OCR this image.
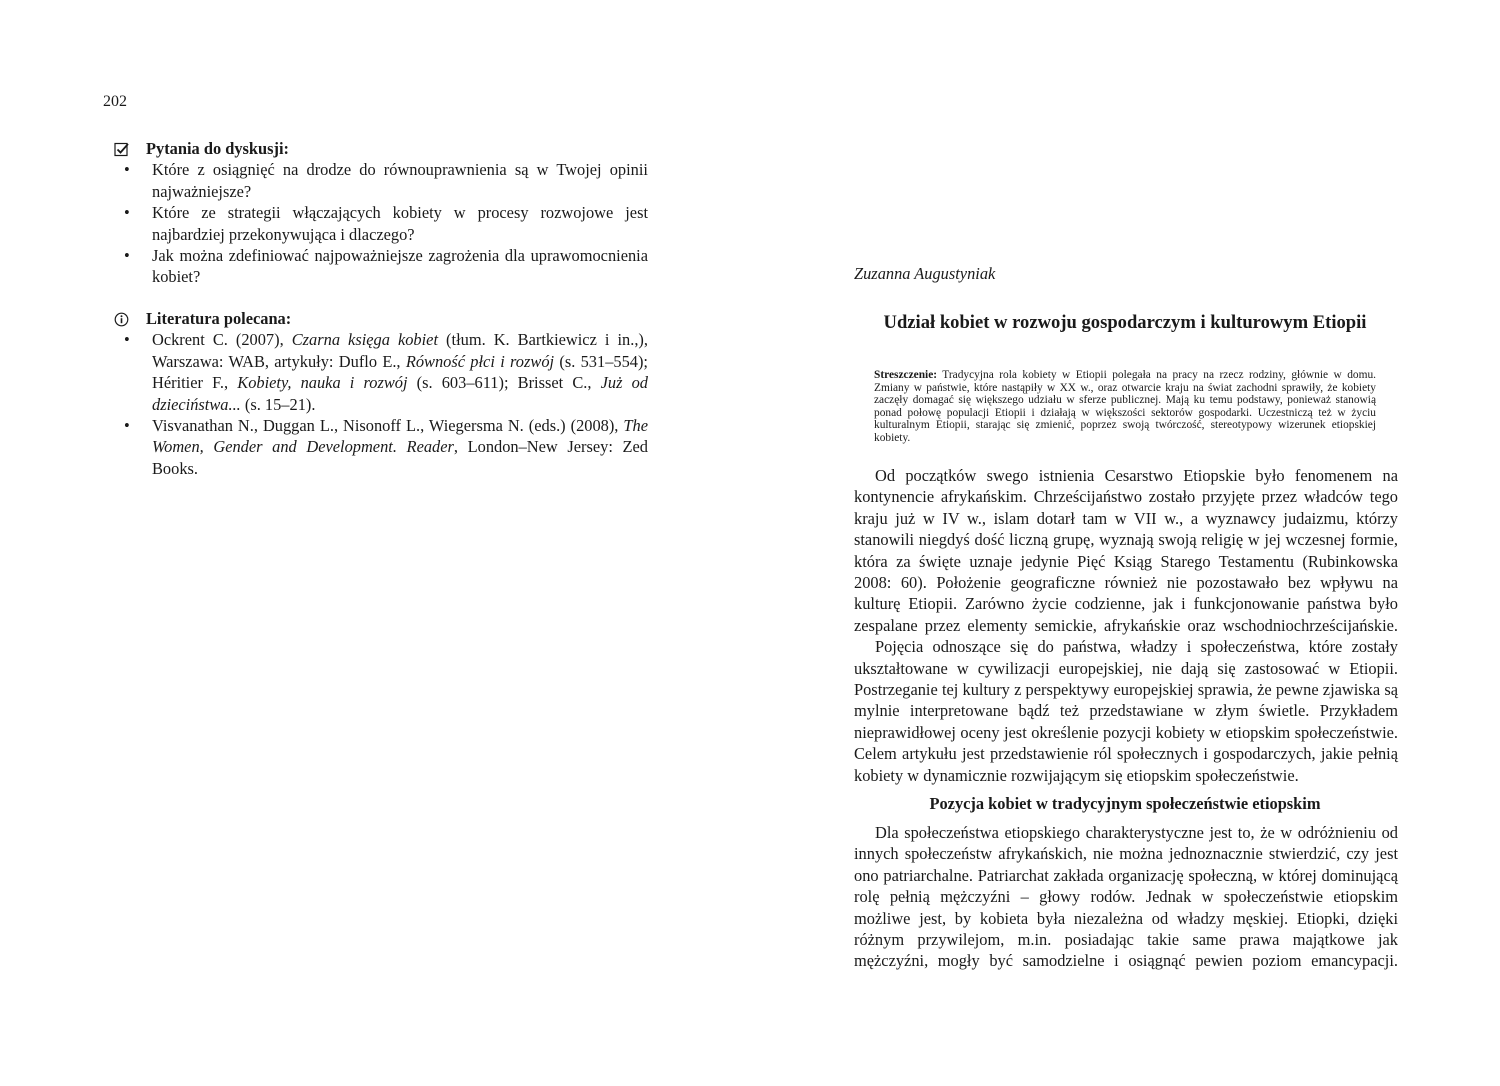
202
Pytania do dyskusji:
• Które z osiągnięć na drodze do równouprawnienia są w Twojej opinii najważniejsze?
• Które ze strategii włączających kobiety w procesy rozwojowe jest najbardziej przekonywująca i dlaczego?
• Jak można zdefiniować najpoważniejsze zagrożenia dla uprawomocnienia kobiet?
Literatura polecana:
• Ockrent C. (2007), Czarna księga kobiet (tłum. K. Bartkiewicz i in.,), Warszawa: WAB, artykuły: Duflo E., Równość płci i rozwój (s. 531–554); Héritier F., Kobiety, nauka i rozwój (s. 603–611); Brisset C., Już od dzieciństwa... (s. 15–21).
• Visvanathan N., Duggan L., Nisonoff L., Wiegersma N. (eds.) (2008), The Women, Gender and Development. Reader, London–New Jersey: Zed Books.
Zuzanna Augustyniak
Udział kobiet w rozwoju gospodarczym i kulturowym Etiopii
Streszczenie: Tradycyjna rola kobiety w Etiopii polegała na pracy na rzecz rodziny, głównie w domu. Zmiany w państwie, które nastąpiły w XX w., oraz otwarcie kraju na świat zachodni sprawiły, że kobiety zaczęły domagać się większego udziału w sferze publicznej. Mają ku temu podstawy, ponieważ stanowią ponad połowę populacji Etiopii i działają w większości sektorów gospodarki. Uczestniczą też w życiu kulturalnym Etiopii, starając się zmienić, poprzez swoją twórczość, stereotypowy wizerunek etiopskiej kobiety.

Od początków swego istnienia Cesarstwo Etiopskie było fenomenem na kontynencie afrykańskim. Chrześcijaństwo zostało przyjęte przez władców tego kraju już w IV w., islam dotarł tam w VII w., a wyznawcy judaizmu, którzy stanowili niegdyś dość liczną grupę, wyznają swoją religię w jej wczesnej formie, która za święte uznaje jedynie Pięć Ksiąg Starego Testamentu (Rubinkowska 2008: 60). Położenie geograficzne również nie pozostawało bez wpływu na kulturę Etiopii. Zarówno życie codzienne, jak i funkcjonowanie państwa było zespalane przez elementy semickie, afrykańskie oraz wschodniochrześcijańskie.

Pojęcia odnoszące się do państwa, władzy i społeczeństwa, które zostały ukształtowane w cywilizacji europejskiej, nie dają się zastosować w Etiopii. Postrzeganie tej kultury z perspektywy europejskiej sprawia, że pewne zjawiska są mylnie interpretowane bądź też przedstawiane w złym świetle. Przykładem nieprawidłowej oceny jest określenie pozycji kobiety w etiopskim społeczeństwie. Celem artykułu jest przedstawienie ról społecznych i gospodarczych, jakie pełnią kobiety w dynamicznie rozwijającym się etiopskim społeczeństwie.

Pozycja kobiet w tradycyjnym społeczeństwie etiopskim

Dla społeczeństwa etiopskiego charakterystyczne jest to, że w odróżnieniu od innych społeczeństw afrykańskich, nie można jednoznacznie stwierdzić, czy jest ono patriarchalne. Patriarchat zakłada organizację społeczną, w której dominującą rolę pełnią mężczyźni – głowy rodów. Jednak w społeczeństwie etiopskim możliwe jest, by kobieta była niezależna od władzy męskiej. Etiopki, dzięki różnym przywilejom, m.in. posiadając takie same prawa majątkowe jak mężczyźni, mogły być samodzielne i osiągnąć pewien poziom emancypacji.
